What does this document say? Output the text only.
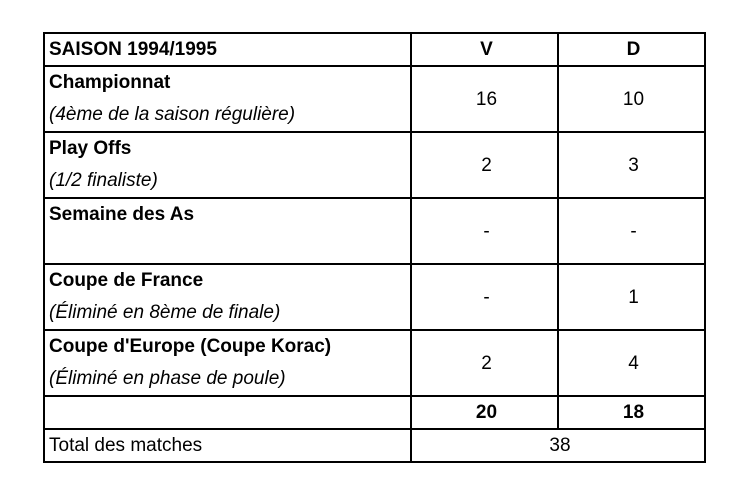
SAISON 1994/1995	V	D

Championnat
(4ème de la saison régulière)	16	10

Play Offs
(1/2 finaliste)	2	3

Semaine des As	-	-

Coupe de France
(Éliminé en 8ème de finale)	-	1

Coupe d'Europe (Coupe Korac)
(Éliminé en phase de poule)	2	4
	20	18
Total des matches	38	
